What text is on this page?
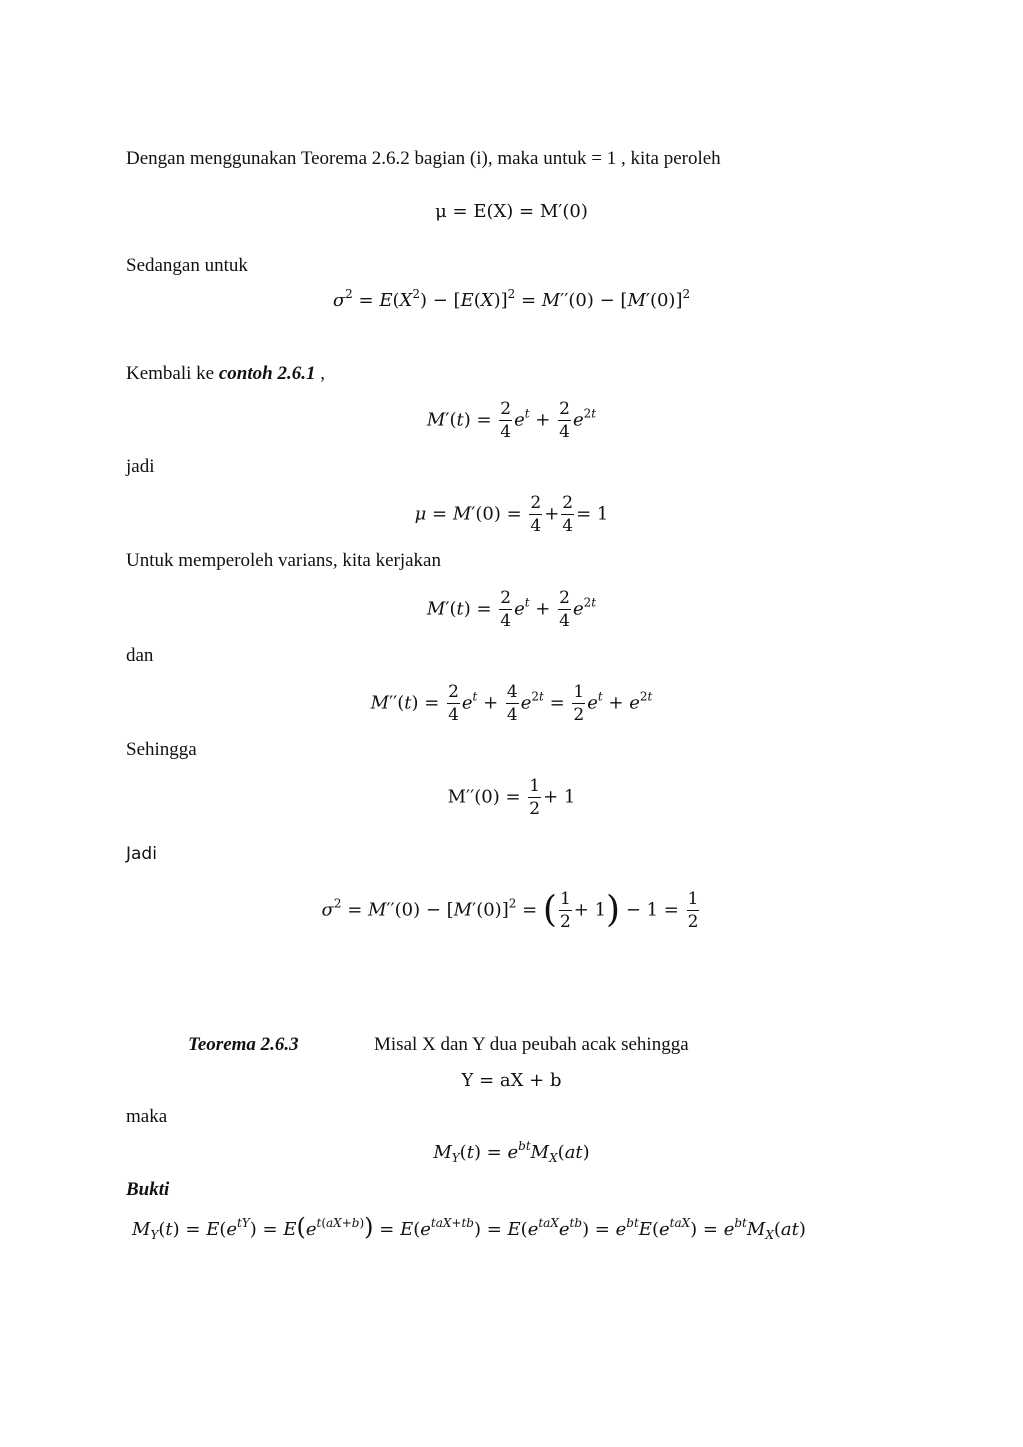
Dengan menggunakan Teorema 2.6.2 bagian (i), maka untuk = 1 , kita peroleh
μ = E(X) = M′(0)
Sedangan untuk
$\sigma^2 = E(X^2) - [E(X)]^2 = M''(0) - [M'(0)]^2$
Kembali ke contoh 2.6.1 ,
$M'(t) = \frac{2}{4} e^t + \frac{2}{4} e^{2t}$
jadi
$\mu = M'(0) = \frac{2}{4} + \frac{2}{4} = 1$
Untuk memperoleh varians, kita kerjakan
$M'(t) = \frac{2}{4} e^t + \frac{2}{4} e^{2t}$
dan
$M''(t) = \frac{2}{4} e^t + \frac{4}{4} e^{2t} = \frac{1}{2} e^t + e^{2t}$
Sehingga
$M''(0) = \frac{1}{2} + 1$
Jadi
$\sigma^2 = M''(0) - [M'(0)]^2$ = ( $\frac{1}{2} + 1) - 1 = \frac{1}{2}$
Teorema 2.6.3	Misal X dan Y dua peubah acak sehingga
Y = aX + b
maka
$M_Y(t) = e^{bt}M_X(at)$
Bukti
$M_Y(t) = E(e^{tY}) = E(e^{t(aX+b)}) = E(e^{taX+tb}) = E(e^{taX}e^{tb}) = e^{bt}E(e^{taX}) = e^{bt}M_X(at)$
